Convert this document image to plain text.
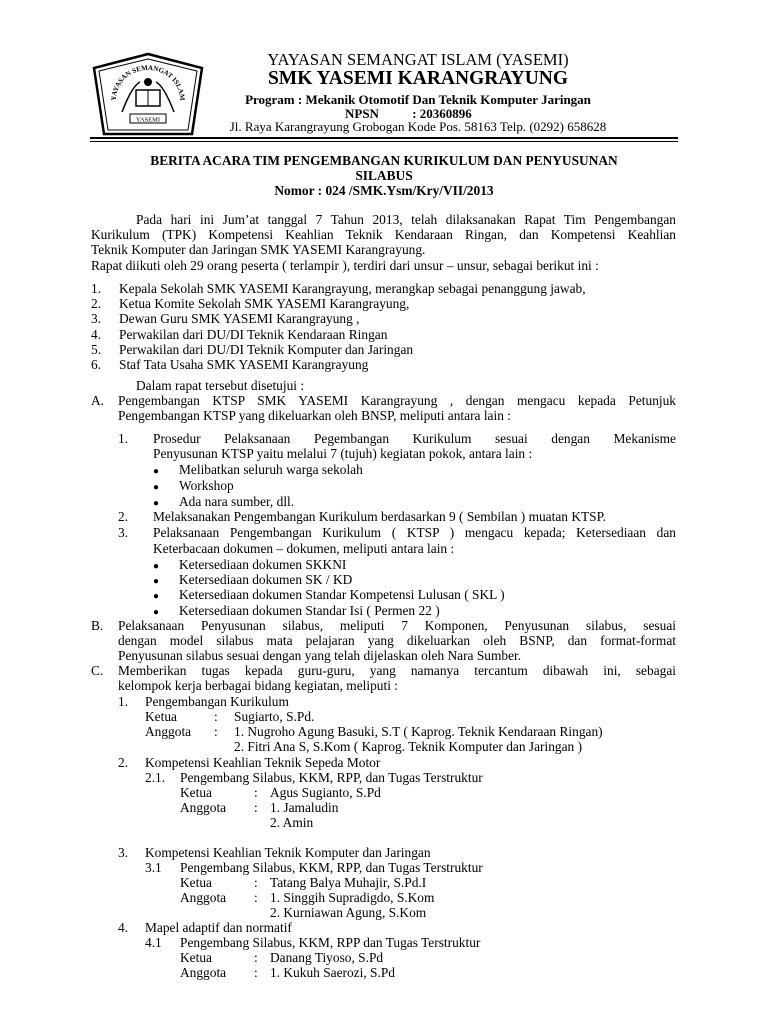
YAYASAN SEMANGAT ISLAM
YASEMI
YAYASAN SEMANGAT ISLAM (YASEMI)
SMK YASEMI KARANGRAYUNG
Program : Mekanik Otomotif Dan Teknik Komputer Jaringan
NPSN	: 20360896
Jl. Raya Karangrayung Grobogan Kode Pos. 58163 Telp. (0292) 658628
BERITA ACARA TIM PENGEMBANGAN KURIKULUM DAN PENYUSUNAN
SILABUS
Nomor : 024 /SMK.Ysm/Kry/VII/2013
Pada hari ini Jum’at tanggal 7 Tahun 2013, telah dilaksanakan Rapat Tim Pengembangan
Kurikulum (TPK) Kompetensi Keahlian Teknik Kendaraan Ringan, dan Kompetensi Keahlian
Teknik Komputer dan Jaringan SMK YASEMI Karangrayung.
Rapat diikuti oleh 29 orang peserta ( terlampir ), terdiri dari unsur – unsur, sebagai berikut ini :
1. Kepala Sekolah SMK YASEMI Karangrayung, merangkap sebagai penanggung jawab,
2. Ketua Komite Sekolah SMK YASEMI Karangrayung,
3. Dewan Guru SMK YASEMI Karangrayung ,
4. Perwakilan dari DU/DI Teknik Kendaraan Ringan
5. Perwakilan dari DU/DI Teknik Komputer dan Jaringan
6. Staf Tata Usaha SMK YASEMI Karangrayung
Dalam rapat tersebut disetujui :
A. Pengembangan KTSP SMK YASEMI Karangrayung , dengan mengacu kepada Petunjuk
Pengembangan KTSP yang dikeluarkan oleh BNSP, meliputi antara lain :
1. Prosedur Pelaksanaan Pegembangan Kurikulum sesuai dengan Mekanisme
Penyusunan KTSP yaitu melalui 7 (tujuh) kegiatan pokok, antara lain :
● Melibatkan seluruh warga sekolah
● Workshop
● Ada nara sumber, dll.
2. Melaksanakan Pengembangan Kurikulum berdasarkan 9 ( Sembilan ) muatan KTSP.
3. Pelaksanaan Pengembangan Kurikulum ( KTSP ) mengacu kepada; Ketersediaan dan
Keterbacaan dokumen – dokumen, meliputi antara lain :
● Ketersediaan dokumen SKKNI
● Ketersediaan dokumen SK / KD
● Ketersediaan dokumen Standar Kompetensi Lulusan ( SKL )
● Ketersediaan dokumen Standar Isi ( Permen 22 )
B. Pelaksanaan Penyusunan silabus, meliputi 7 Komponen, Penyusunan silabus, sesuai
dengan model silabus mata pelajaran yang dikeluarkan oleh BSNP, dan format-format
Penyusunan silabus sesuai dengan yang telah dijelaskan oleh Nara Sumber.
C. Memberikan tugas kepada guru-guru, yang namanya tercantum dibawah ini, sebagai
kelompok kerja berbagai bidang kegiatan, meliputi :
1. Pengembangan Kurikulum
Ketua	: Sugiarto, S.Pd.
Anggota : 1. Nugroho Agung Basuki, S.T ( Kaprog. Teknik Kendaraan Ringan)
2. Fitri Ana S, S.Kom ( Kaprog. Teknik Komputer dan Jaringan )
2. Kompetensi Keahlian Teknik Sepeda Motor
2.1. Pengembang Silabus, KKM, RPP, dan Tugas Terstruktur
Ketua	: Agus Sugianto, S.Pd
Anggota : 1. Jamaludin
2. Amin
3. Kompetensi Keahlian Teknik Komputer dan Jaringan
3.1 Pengembang Silabus, KKM, RPP, dan Tugas Terstruktur
Ketua	: Tatang Balya Muhajir, S.Pd.I
Anggota : 1. Singgih Supradigdo, S.Kom
2. Kurniawan Agung, S.Kom
4. Mapel adaptif dan normatif
4.1 Pengembang Silabus, KKM, RPP dan Tugas Terstruktur
Ketua	: Danang Tiyoso, S.Pd
Anggota : 1. Kukuh Saerozi, S.Pd
